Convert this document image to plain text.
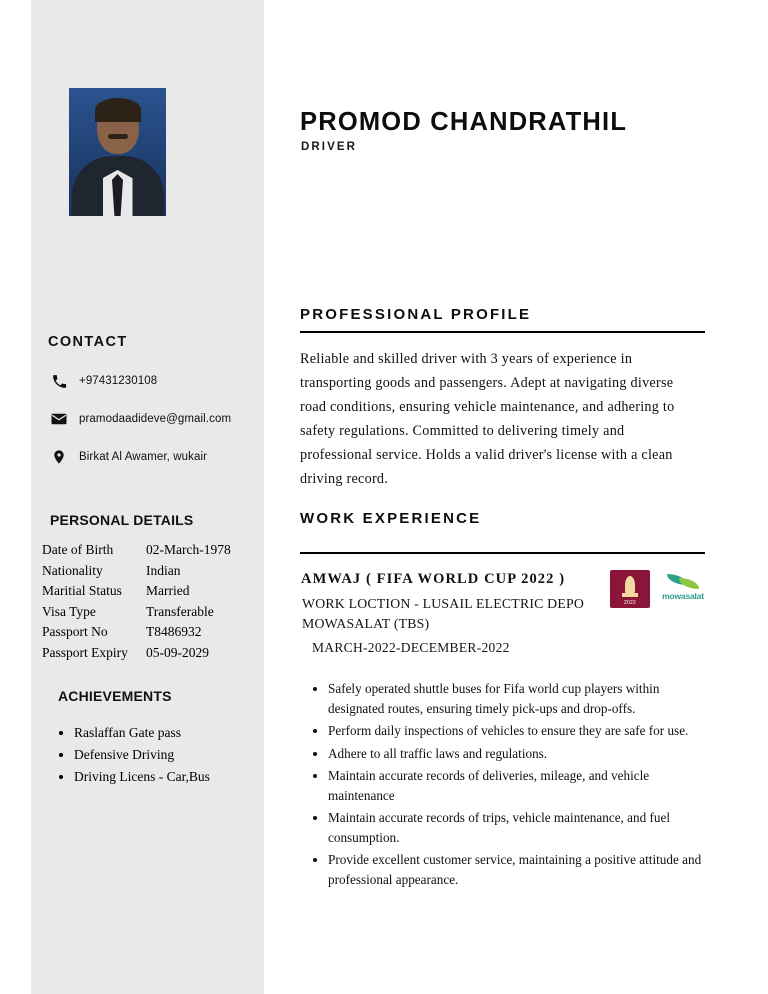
PROMOD CHANDRATHIL
DRIVER
CONTACT
+97431230108
pramodaadideve@gmail.com
Birkat Al Awamer, wukair
PERSONAL DETAILS
Date of Birth	02-March-1978
Nationality	Indian
Maritial Status	Married
Visa Type	Transferable
Passport No	T8486932
Passport Expiry	05-09-2029
ACHIEVEMENTS
• Raslaffan Gate pass
• Defensive Driving
• Driving Licens - Car,Bus
PROFESSIONAL PROFILE
Reliable and skilled driver with 3 years of experience in transporting goods and passengers. Adept at navigating diverse road conditions, ensuring vehicle maintenance, and adhering to safety regulations. Committed to delivering timely and professional service. Holds a valid driver's license with a clean driving record.
WORK EXPERIENCE
AMWAJ ( FIFA WORLD CUP 2022 )
WORK LOCTION - LUSAIL ELECTRIC DEPO
MOWASALAT (TBS)
MARCH-2022-DECEMBER-2022
2022
mowasalat
• Safely operated shuttle buses for Fifa world cup players within designated routes, ensuring timely pick-ups and drop-offs.
• Perform daily inspections of vehicles to ensure they are safe for use.
• Adhere to all traffic laws and regulations.
• Maintain accurate records of deliveries, mileage, and vehicle maintenance
• Maintain accurate records of trips, vehicle maintenance, and fuel consumption.
• Provide excellent customer service, maintaining a positive attitude and professional appearance.
